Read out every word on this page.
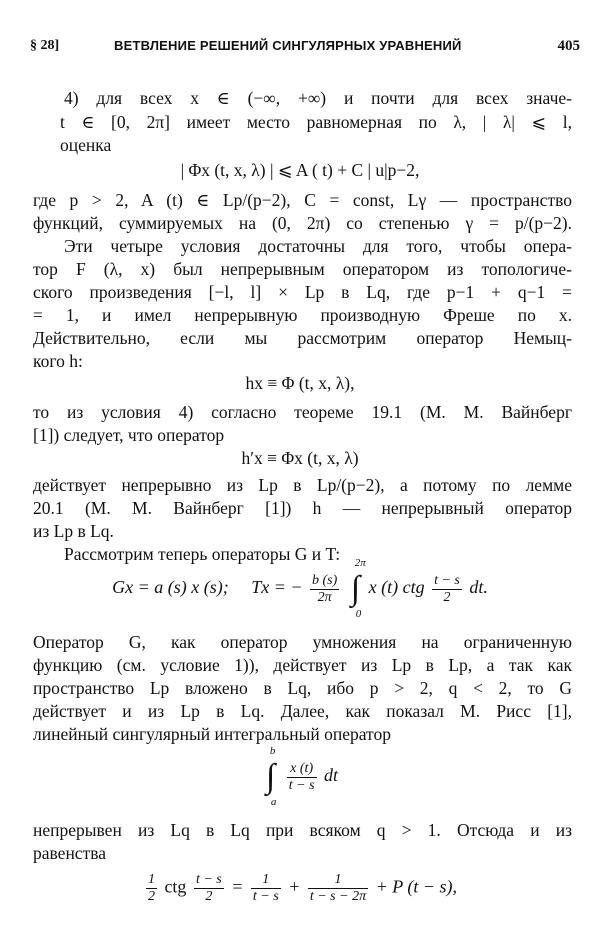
§ 28]	ВЕТВЛЕНИЕ РЕШЕНИЙ СИНГУЛЯРНЫХ УРАВНЕНИЙ	405
4) для всех x ∈ (−∞, +∞) и почти для всех значе-
t ∈ [0, 2π] имеет место равномерная по λ, | λ| ⩽ l,
оценка
| Φx (t, x, λ) | ⩽ A ( t) + C | u|p−2,
где p > 2, A (t) ∈ Lp/(p−2), C = const, Lγ — пространство
функций, суммируемых на (0, 2π) со степенью γ = p/(p−2).
Эти четыре условия достаточны для того, чтобы опера-
тор F (λ, x) был непрерывным оператором из топологиче-
ского произведения [−l, l] × Lp в Lq, где p−1 + q−1 =
= 1, и имел непрерывную производную Фреше по x.
Действительно, если мы рассмотрим оператор Немыц-
кого h:
hx ≡ Φ (t, x, λ),
то из условия 4) согласно теореме 19.1 (М. М. Вайнберг
[1]) следует, что оператор
h′x ≡ Φx (t, x, λ)
действует непрерывно из Lp в Lp/(p−2), а потому по лемме
20.1 (М. М. Вайнберг [1]) h — непрерывный оператор
из Lp в Lq.
Рассмотрим теперь операторы G и T:
Gx = a (s) x (s); Tx = − $\frac{b (s)}{2\pi}$ ∫
2π
0
x (t) ctg $\frac{t - s}{2}$ dt.
Оператор G, как оператор умножения на ограниченную
функцию (см. условие 1)), действует из Lp в Lp, а так как
пространство Lp вложено в Lq, ибо p > 2, q < 2, то G
действует и из Lp в Lq. Далее, как показал М. Рисс [1],
линейный сингулярный интегральный оператор
∫
b
a

$\frac{x (t)}{t - s}$ dt
непрерывен из Lq в Lq при всяком q > 1. Отсюда и из
равенства
$\frac{1}{2}$ ctg $\frac{t - s}{2} = \frac{1}{t - s} + \frac{1}{t - s - 2\pi} + P$ (t − s),
